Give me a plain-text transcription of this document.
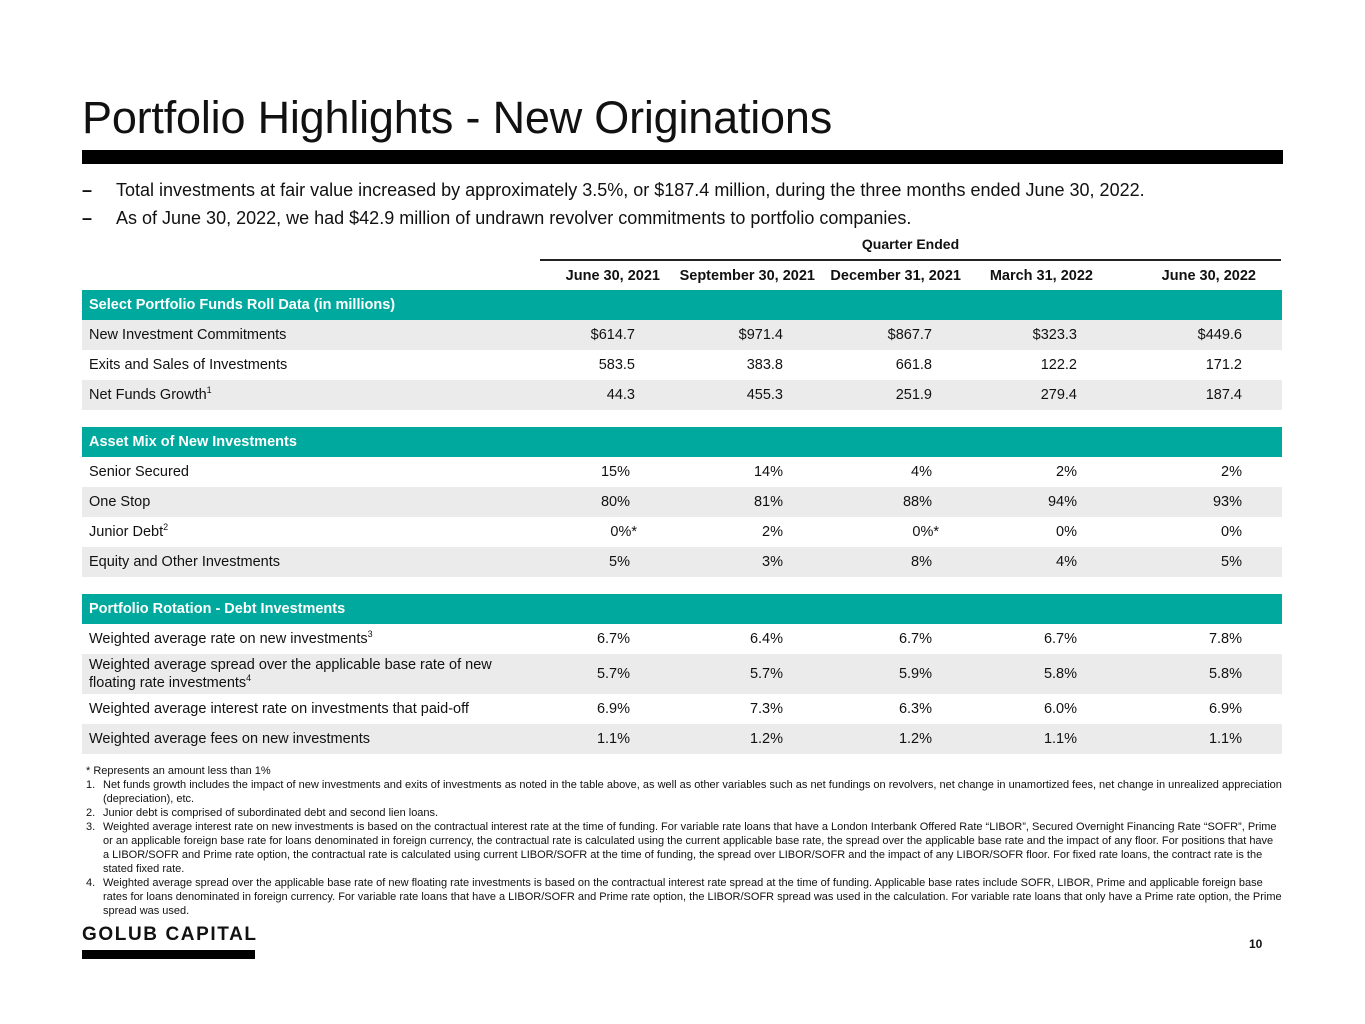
Portfolio Highlights - New Originations
–	Total investments at fair value increased by approximately 3.5%, or $187.4 million, during the three months ended June 30, 2022.
–	As of June 30, 2022, we had $42.9 million of undrawn revolver commitments to portfolio companies.
Quarter Ended
	June 30, 2021	September 30, 2021	December 31, 2021	March 31, 2022	June 30, 2022
Select Portfolio Funds Roll Data (in millions)					
New Investment Commitments	$614.7	$971.4	$867.7	$323.3	$449.6
Exits and Sales of Investments	583.5	383.8	661.8	122.2	171.2
Net Funds Growth$^1$	44.3	455.3	251.9	279.4	187.4

Asset Mix of New Investments					
Senior Secured	15%	14%	4%	2%	2%
One Stop	80%	81%	88%	94%	93%
Junior Debt$^2$	0%*	2%	0%*	0%	0%
Equity and Other Investments	5%	3%	8%	4%	5%

Portfolio Rotation - Debt Investments					
Weighted average rate on new investments$^3$	6.7%	6.4%	6.7%	6.7%	7.8%
Weighted average spread over the applicable base rate of new floating rate investments$^4$	5.7%	5.7%	5.9%	5.8%	5.8%
Weighted average interest rate on investments that paid-off	6.9%	7.3%	6.3%	6.0%	6.9%
Weighted average fees on new investments	1.1%	1.2%	1.2%	1.1%	1.1%
* Represents an amount less than 1%
1. Net funds growth includes the impact of new investments and exits of investments as noted in the table above, as well as other variables such as net fundings on revolvers, net change in unamortized fees, net change in unrealized appreciation (depreciation), etc.
2. Junior debt is comprised of subordinated debt and second lien loans.
3. Weighted average interest rate on new investments is based on the contractual interest rate at the time of funding. For variable rate loans that have a London Interbank Offered Rate “LIBOR”, Secured Overnight Financing Rate “SOFR”, Prime or an applicable foreign base rate for loans denominated in foreign currency, the contractual rate is calculated using the current applicable base rate, the spread over the applicable base rate and the impact of any floor. For positions that have a LIBOR/SOFR and Prime rate option, the contractual rate is calculated using current LIBOR/SOFR at the time of funding, the spread over LIBOR/SOFR and the impact of any LIBOR/SOFR floor. For fixed rate loans, the contract rate is the stated fixed rate.
4. Weighted average spread over the applicable base rate of new floating rate investments is based on the contractual interest rate spread at the time of funding. Applicable base rates include SOFR, LIBOR, Prime and applicable foreign base rates for loans denominated in foreign currency. For variable rate loans that have a LIBOR/SOFR and Prime rate option, the LIBOR/SOFR spread was used in the calculation. For variable rate loans that only have a Prime rate option, the Prime spread was used.
GOLUB CAPITAL	10
